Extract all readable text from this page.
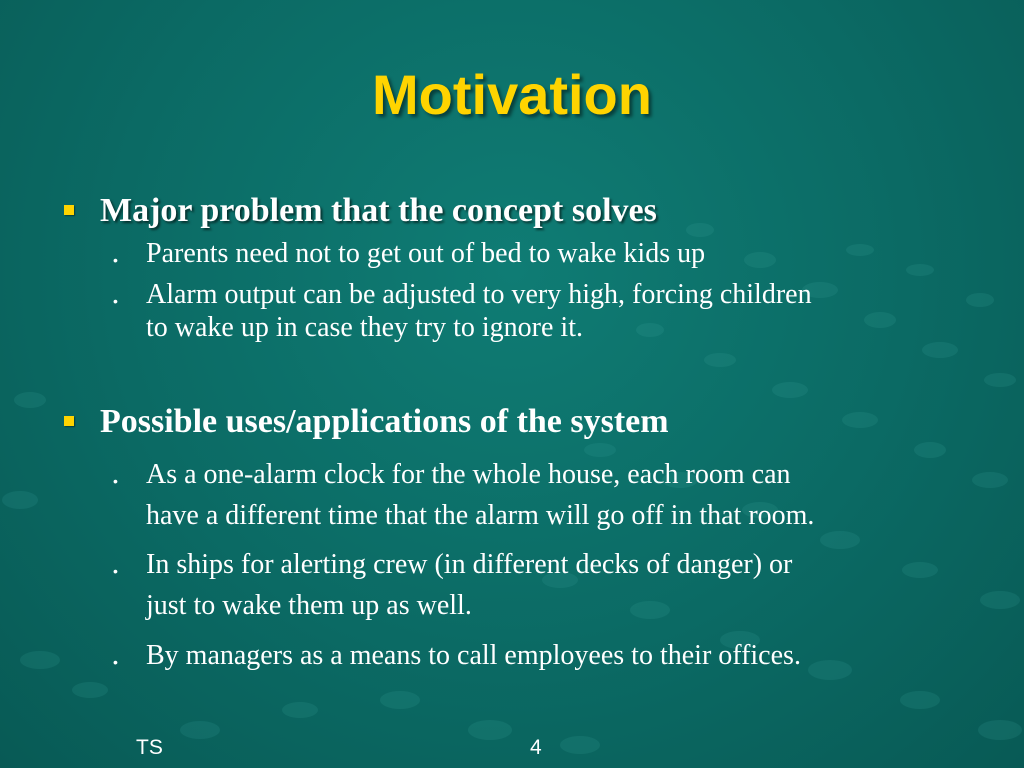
Motivation
Major problem that the concept solves
• Parents need not to get out of bed to wake kids up
• Alarm output can be adjusted to very high, forcing children
to wake up in case they try to ignore it.
Possible uses/applications of the system
• As a one-alarm clock for the whole house, each room can
have a different time that the alarm will go off in that room.
• In ships for alerting crew (in different decks of danger) or
just to wake them up as well.
• By managers as a means to call employees to their offices.
TS	4
